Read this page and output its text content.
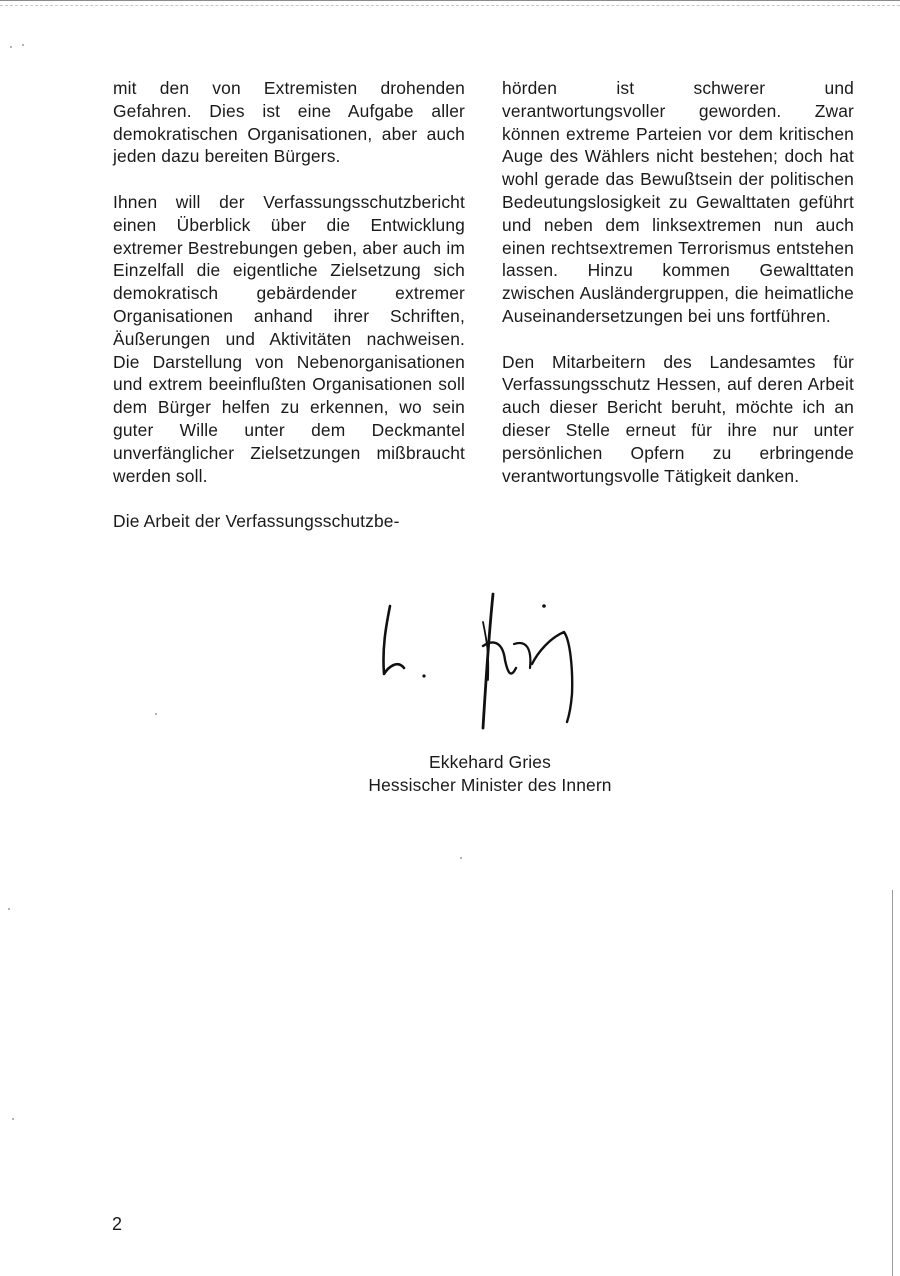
mit den von Extremisten drohenden Gefahren. Dies ist eine Aufgabe aller demokratischen Organisationen, aber auch jeden dazu bereiten Bürgers.

Ihnen will der Verfassungsschutzbericht einen Überblick über die Entwicklung extremer Bestrebungen geben, aber auch im Einzelfall die eigentliche Zielsetzung sich demokratisch gebärdender extremer Organisationen anhand ihrer Schriften, Äußerungen und Aktivitäten nachweisen. Die Darstellung von Nebenorganisationen und extrem beeinflußten Organisationen soll dem Bürger helfen zu erkennen, wo sein guter Wille unter dem Deckmantel unverfänglicher Zielsetzungen mißbraucht werden soll.

Die Arbeit der Verfassungsschutzbe-

hörden ist schwerer und verantwortungsvoller geworden. Zwar können extreme Parteien vor dem kritischen Auge des Wählers nicht bestehen; doch hat wohl gerade das Bewußtsein der politischen Bedeutungslosigkeit zu Gewalttaten geführt und neben dem linksextremen nun auch einen rechtsextremen Terrorismus entstehen lassen. Hinzu kommen Gewalttaten zwischen Ausländergruppen, die heimatliche Auseinandersetzungen bei uns fortführen.

Den Mitarbeitern des Landesamtes für Verfassungsschutz Hessen, auf deren Arbeit auch dieser Bericht beruht, möchte ich an dieser Stelle erneut für ihre nur unter persönlichen Opfern zu erbringende verantwortungsvolle Tätigkeit danken.

Ekkehard Gries
Hessischer Minister des Innern
2
